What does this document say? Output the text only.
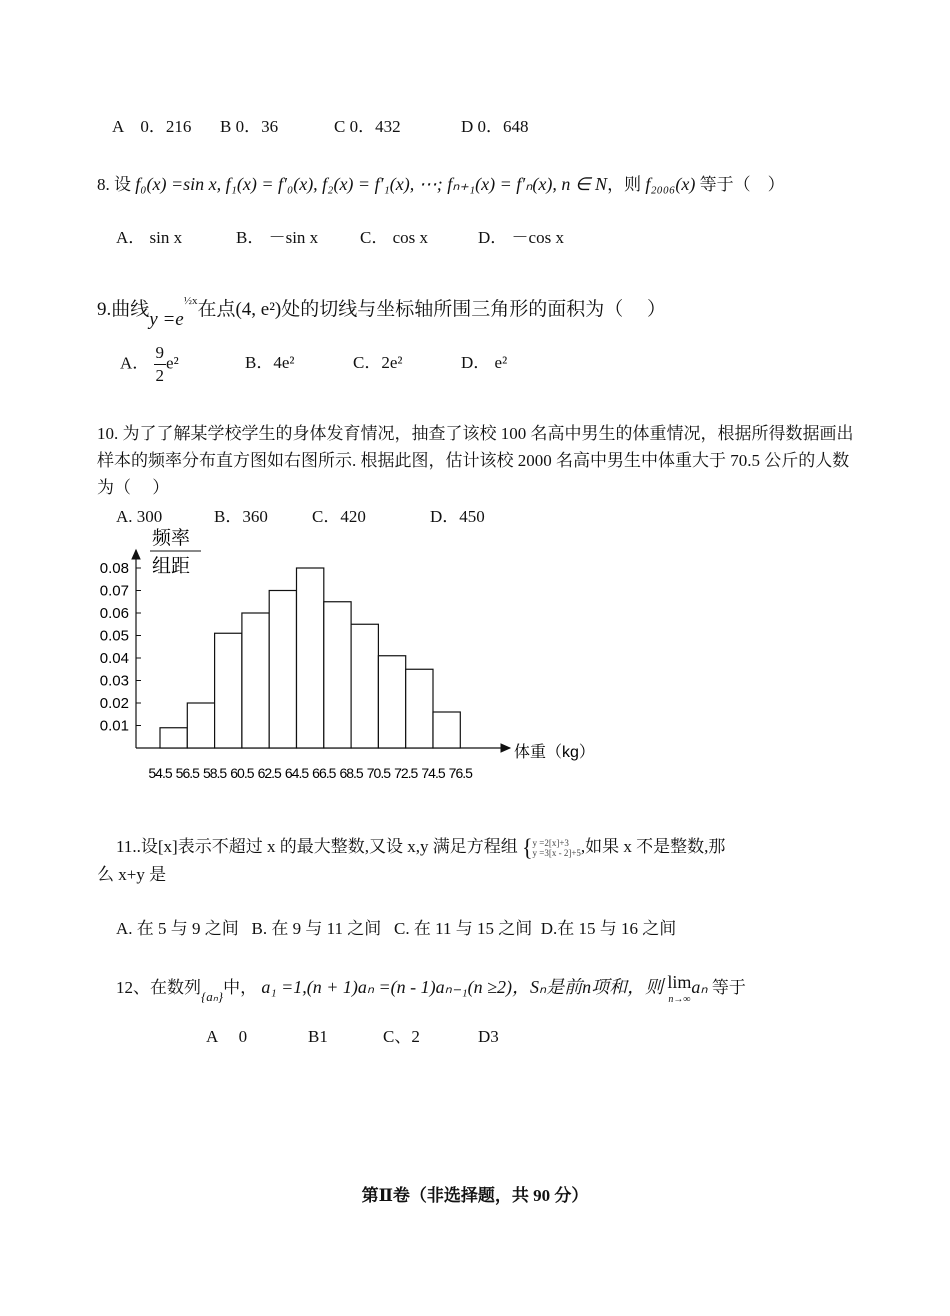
A　0．216 B 0．36	C 0．432	D 0．648
8. 设 f₀(x) =sin x, f₁(x) = f′₀(x), f₂(x) = f′₁(x), ⋯; fₙ₊₁(x) = f′ₙ(x), n ∈ N，则 f₂₀₀₆(x) 等于（　）
A． sin x	B． －sin x C． cos x	D． －cos x
9.曲线$y =e^{\frac{1}{2}x}$在点(4, e²)处的切线与坐标轴所围三角形的面积为（　 ）
A． $\frac{9}{2} e^2$	B．4e²	C．2e²	D． e²
10. 为了了解某学校学生的身体发育情况，抽查了该校 100 名高中男生的体重情况，根据所得数据画出样本的频率分布直方图如右图所示. 根据此图，估计该校 2000 名高中男生中体重大于 70.5 公斤的人数为（　 ）
A. 300	B．360	C．420	D．450
0.01
0.02
0.03
0.04
0.05
0.06
0.07
0.08
54.5 56.5 58.5 60.5 62.5 64.5 66.5 68.5 70.5 72.5 74.5 76.5
频率
组距
体重（kg）
11..设[x]表示不超过 x 的最大整数,又设 x,y 满足方程组 { y =2[x]+3
y =3[x - 2]+5 ,如果 x 不是整数,那
么 x+y 是
A. 在 5 与 9 之间   B. 在 9 与 11 之间   C. 在 11 与 15 之间  D.在 15 与 16 之间
12、在数列$_{\{a_n\}}$中， a₁ =1,(n + 1)aₙ =(n - 1)aₙ₋₁(n ≥2)，Sₙ是前n项和，则 lim
n→∞
aₙ 等于
A　 0	B1	C、2	D3
第Ⅱ卷（非选择题，共 90 分）
